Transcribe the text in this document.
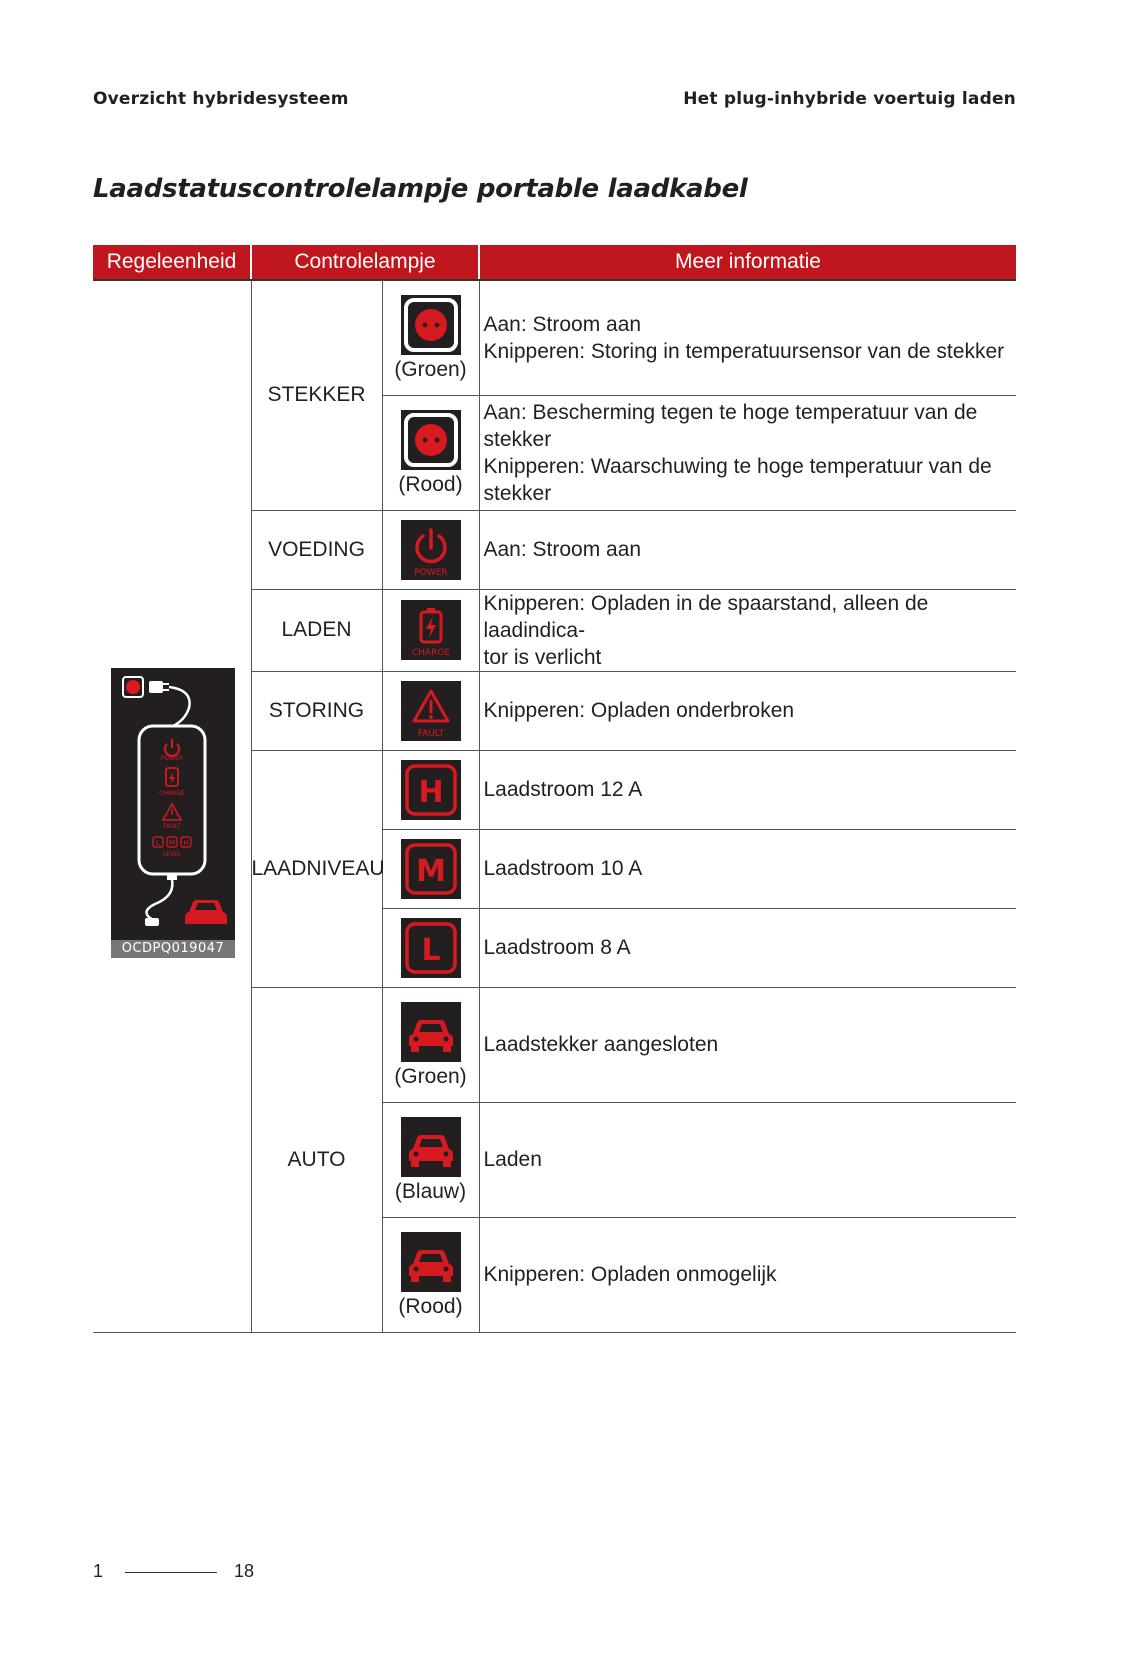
Overzicht hybridesysteem	Het plug-inhybride voertuig laden
Laadstatuscontrolelampje portable laadkabel
Regeleenheid	Controlelampje		Meer informatie
	STEKKER	(Groen)	Aan: Stroom aan
Knipperen: Storing in temperatuursensor van de stekker

		(Rood)	Aan: Bescherming tegen te hoge temperatuur van de
stekker
Knipperen: Waarschuwing te hoge temperatuur van de
stekker

	VOEDING	POWER	Aan: Stroom aan

	LADEN	CHARGE	Knipperen: Opladen in de spaarstand, alleen de laadindica-
tor is verlicht

	STORING	FAULT	Knipperen: Opladen onderbroken

	LAADNIVEAU	H	Laadstroom 12 A

M	Laadstroom 10 A

L	Laadstroom 8 A

	AUTO	(Groen)	Laadstekker aangesloten

		(Blauw)	Laden

		(Rood)	Knipperen: Opladen onmogelijk
POWER
CHARGE
FAULT
L M H
LEVEL
OCDPQ019047
1	18
